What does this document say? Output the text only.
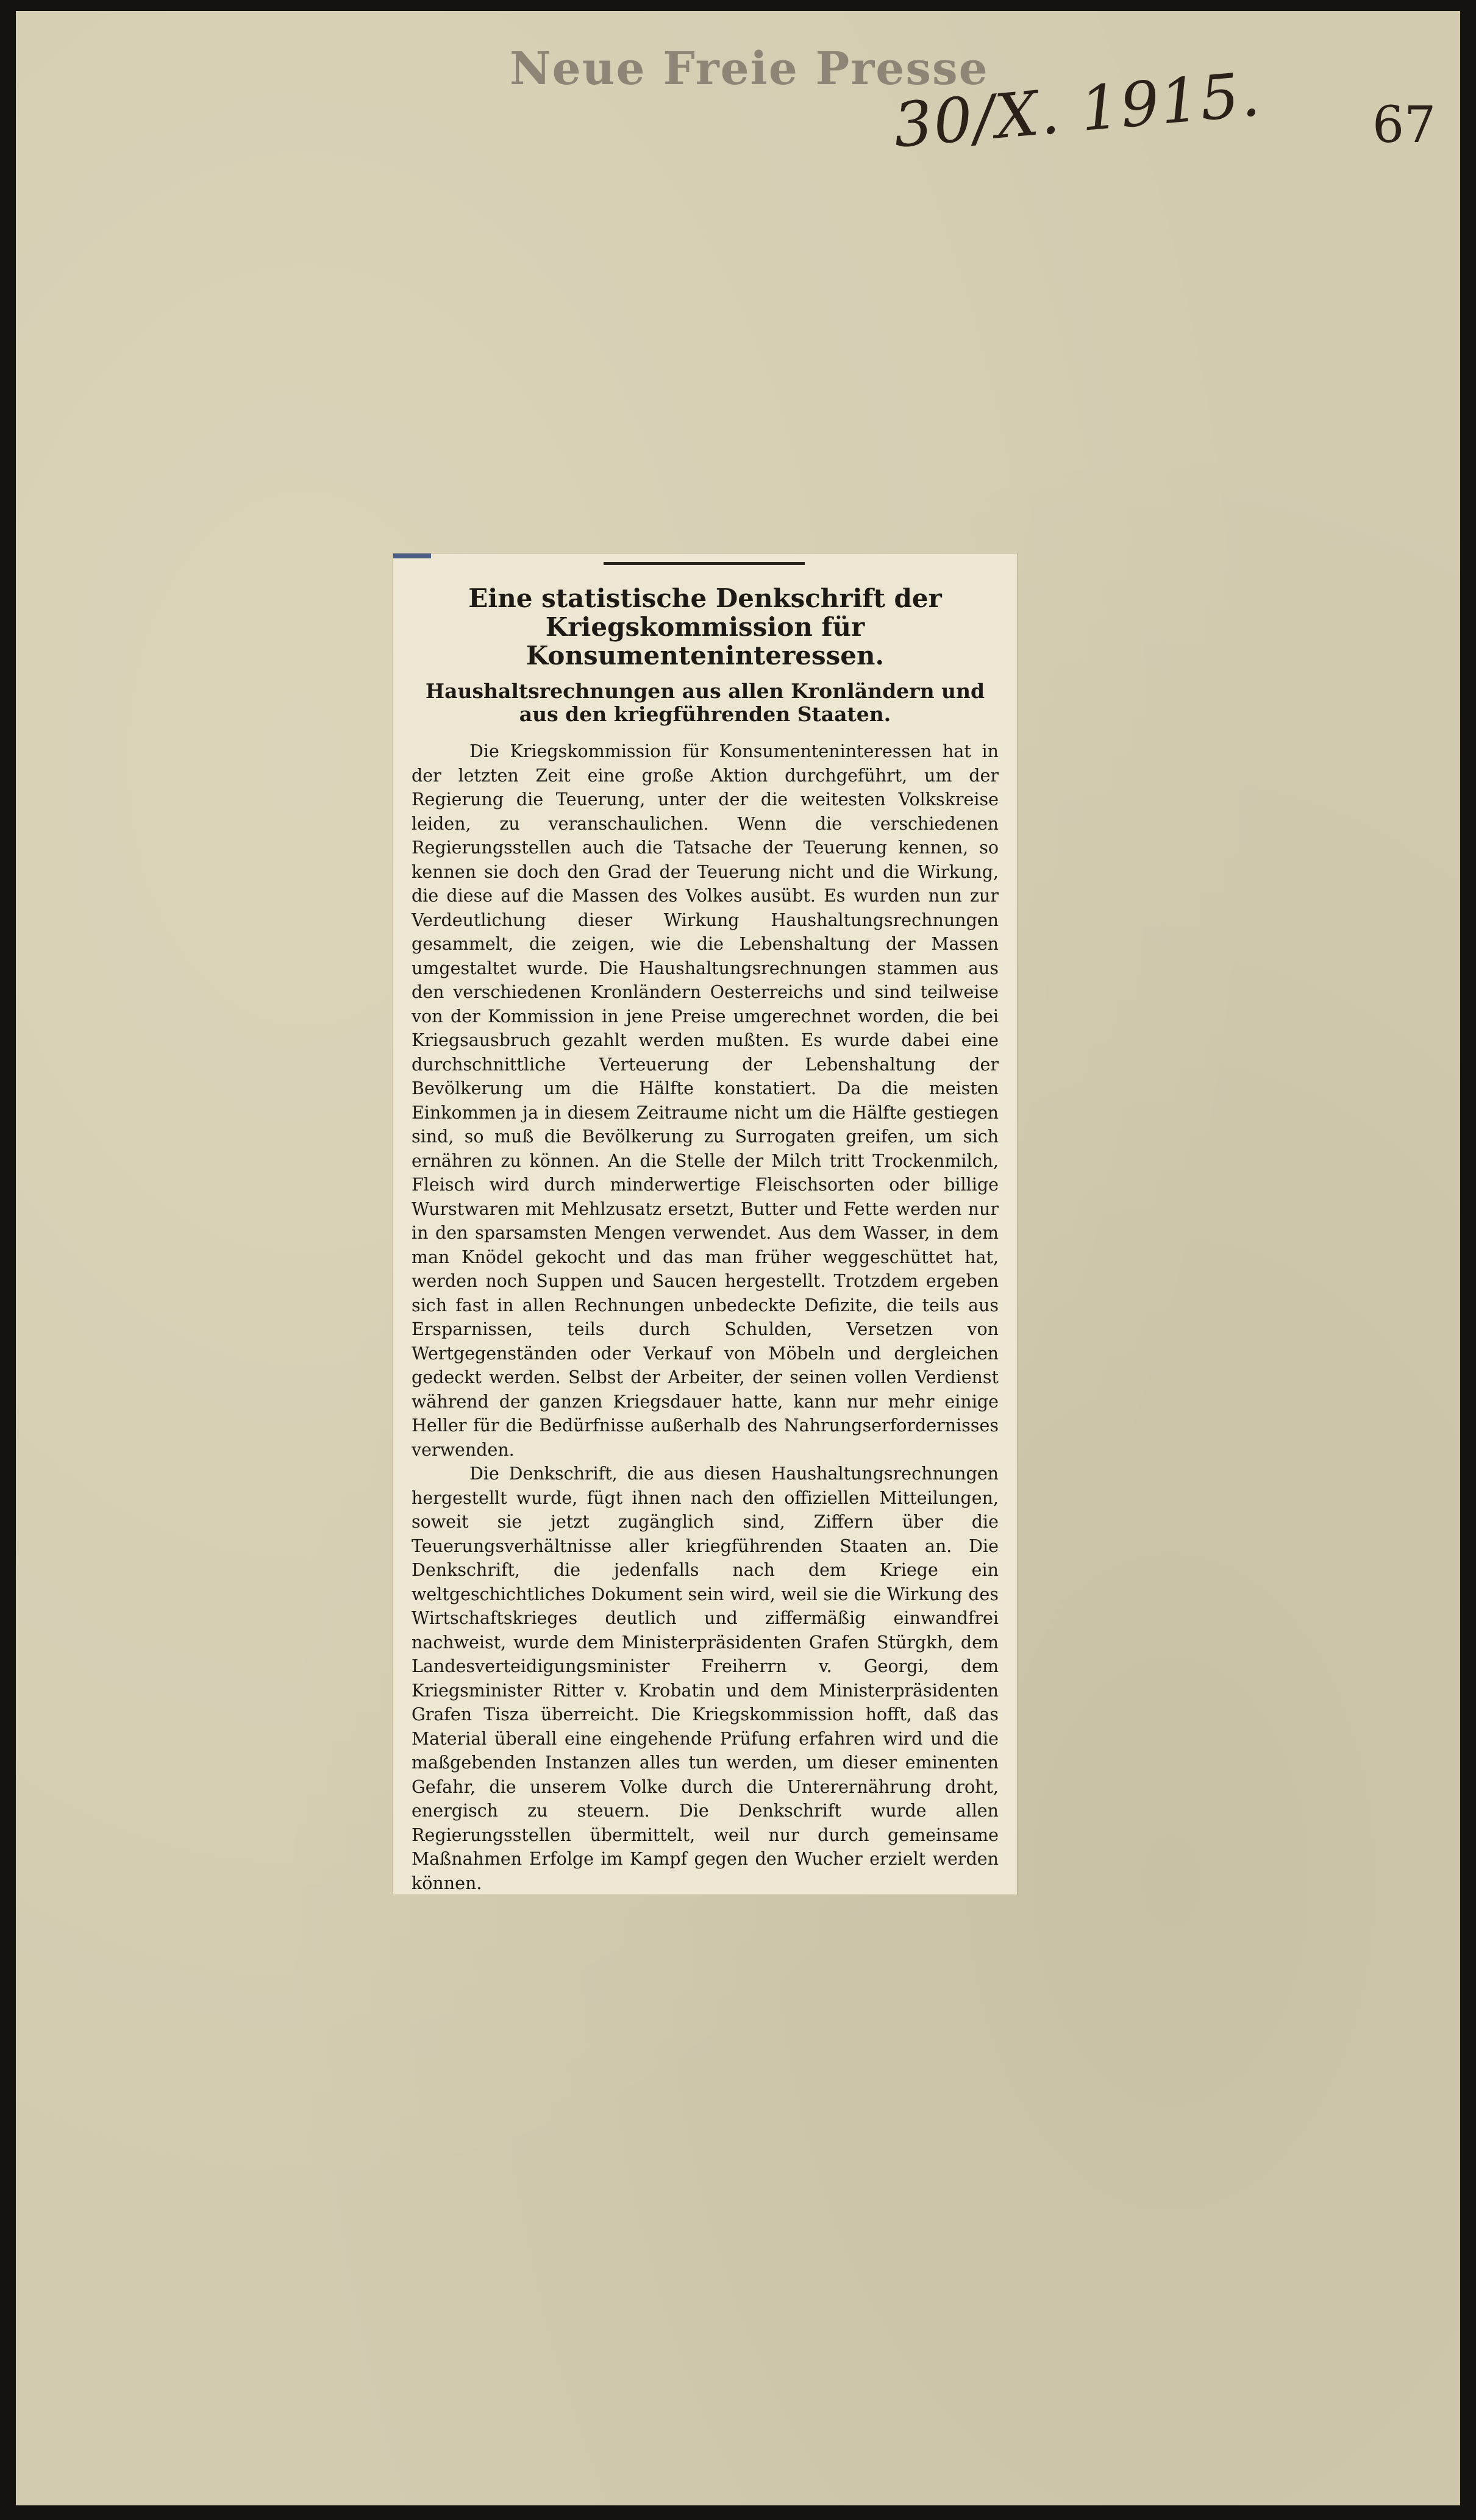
Neue Freie Presse
30/X. 1915. 67
Eine statistische Denkschrift der Kriegskommission für Konsumenteninteressen.
Haushaltsrechnungen aus allen Kronländern und aus den kriegführenden Staaten.

Die Kriegskommission für Konsumenteninteressen hat in der letzten Zeit eine große Aktion durchgeführt, um der Regierung die Teuerung, unter der die weitesten Volkskreise leiden, zu veranschaulichen. Wenn die verschiedenen Regierungsstellen auch die Tatsache der Teuerung kennen, so kennen sie doch den Grad der Teuerung nicht und die Wirkung, die diese auf die Massen des Volkes ausübt. Es wurden nun zur Verdeutlichung dieser Wirkung Haushaltungsrechnungen gesammelt, die zeigen, wie die Lebenshaltung der Massen umgestaltet wurde. Die Haushaltungsrechnungen stammen aus den verschiedenen Kronländern Oesterreichs und sind teilweise von der Kommission in jene Preise umgerechnet worden, die bei Kriegsausbruch gezahlt werden mußten. Es wurde dabei eine durchschnittliche Verteuerung der Lebenshaltung der Bevölkerung um die Hälfte konstatiert. Da die meisten Einkommen ja in diesem Zeitraume nicht um die Hälfte gestiegen sind, so muß die Bevölkerung zu Surrogaten greifen, um sich ernähren zu können. An die Stelle der Milch tritt Trockenmilch, Fleisch wird durch minderwertige Fleischsorten oder billige Wurstwaren mit Mehlzusatz ersetzt, Butter und Fette werden nur in den sparsamsten Mengen verwendet. Aus dem Wasser, in dem man Knödel gekocht und das man früher weggeschüttet hat, werden noch Suppen und Saucen hergestellt. Trotzdem ergeben sich fast in allen Rechnungen unbedeckte Defizite, die teils aus Ersparnissen, teils durch Schulden, Versetzen von Wertgegenständen oder Verkauf von Möbeln und dergleichen gedeckt werden. Selbst der Arbeiter, der seinen vollen Verdienst während der ganzen Kriegsdauer hatte, kann nur mehr einige Heller für die Bedürfnisse außerhalb des Nahrungserfordernisses verwenden.

Die Denkschrift, die aus diesen Haushaltungsrechnungen hergestellt wurde, fügt ihnen nach den offiziellen Mitteilungen, soweit sie jetzt zugänglich sind, Ziffern über die Teuerungsverhältnisse aller kriegführenden Staaten an. Die Denkschrift, die jedenfalls nach dem Kriege ein weltgeschichtliches Dokument sein wird, weil sie die Wirkung des Wirtschaftskrieges deutlich und ziffermäßig einwandfrei nachweist, wurde dem Ministerpräsidenten Grafen Stürgkh, dem Landesverteidigungsminister Freiherrn v. Georgi, dem Kriegsminister Ritter v. Krobatin und dem Ministerpräsidenten Grafen Tisza überreicht. Die Kriegskommission hofft, daß das Material überall eine eingehende Prüfung erfahren wird und die maßgebenden Instanzen alles tun werden, um dieser eminenten Gefahr, die unserem Volke durch die Unterernährung droht, energisch zu steuern. Die Denkschrift wurde allen Regierungsstellen übermittelt, weil nur durch gemeinsame Maßnahmen Erfolge im Kampf gegen den Wucher erzielt werden können.
